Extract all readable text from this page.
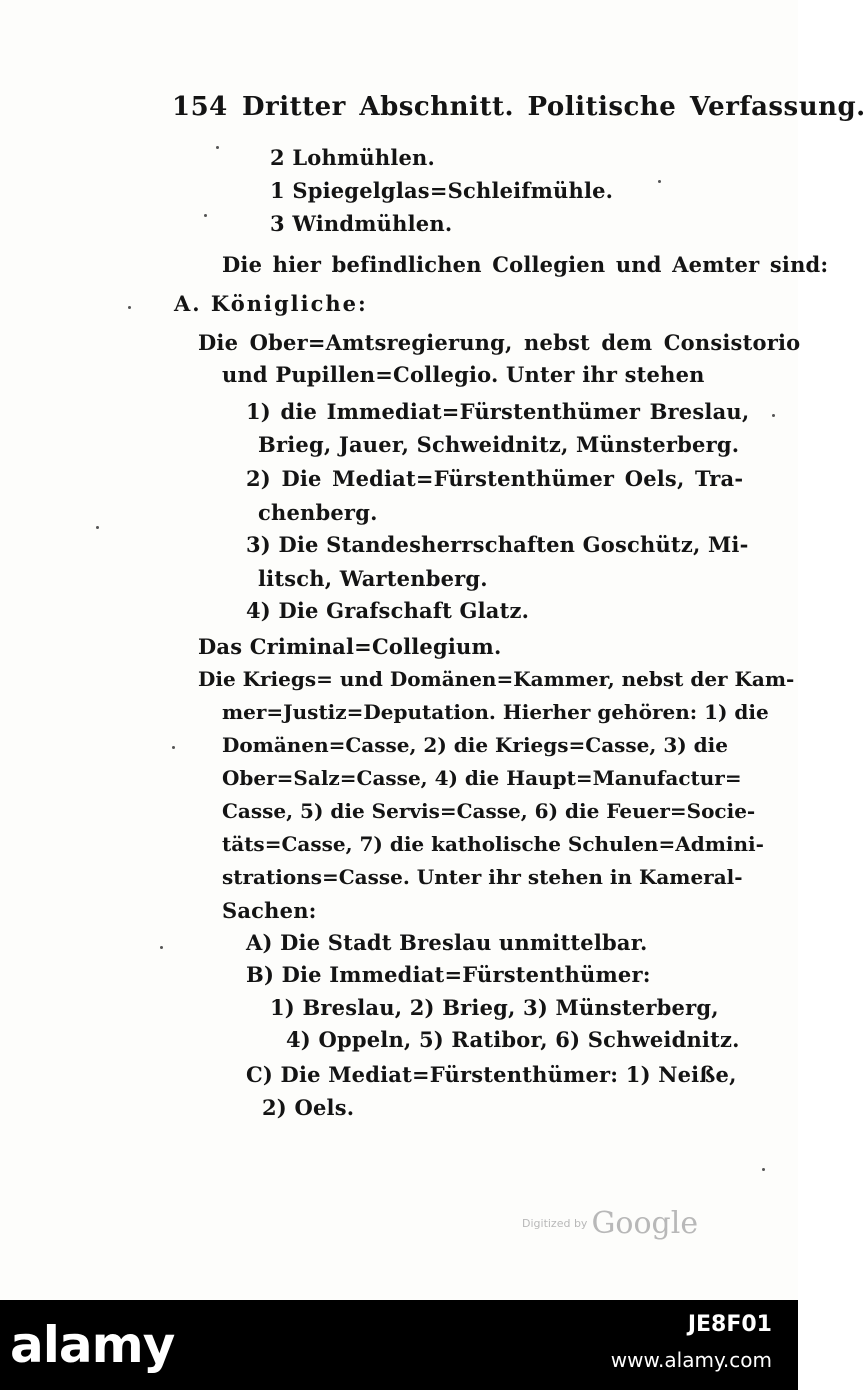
154 Dritter Abschnitt. Politische Verfassung.
2 Lohmühlen.
1 Spiegelglas=Schleifmühle.
3 Windmühlen.
Die hier befindlichen Collegien und Aemter sind:
A. Königliche:
Die Ober=Amtsregierung, nebst dem Consistorio
und Pupillen=Collegio. Unter ihr stehen
1) die Immediat=Fürstenthümer Breslau,
Brieg, Jauer, Schweidnitz, Münsterberg.
2) Die Mediat=Fürstenthümer Oels, Tra-
chenberg.
3) Die Standesherrschaften Goschütz, Mi-
litsch, Wartenberg.
4) Die Grafschaft Glatz.
Das Criminal=Collegium.
Die Kriegs= und Domänen=Kammer, nebst der Kam-
mer=Justiz=Deputation. Hierher gehören: 1) die
Domänen=Casse, 2) die Kriegs=Casse, 3) die
Ober=Salz=Casse, 4) die Haupt=Manufactur=
Casse, 5) die Servis=Casse, 6) die Feuer=Socie-
täts=Casse, 7) die katholische Schulen=Admini-
strations=Casse. Unter ihr stehen in Kameral-
Sachen:
A) Die Stadt Breslau unmittelbar.
B) Die Immediat=Fürstenthümer:
1) Breslau, 2) Brieg, 3) Münsterberg,
4) Oppeln, 5) Ratibor, 6) Schweidnitz.
C) Die Mediat=Fürstenthümer: 1) Neiße,
2) Oels.
$^{Digitized by}$ Google
alamy	JE8F01
www.alamy.com
